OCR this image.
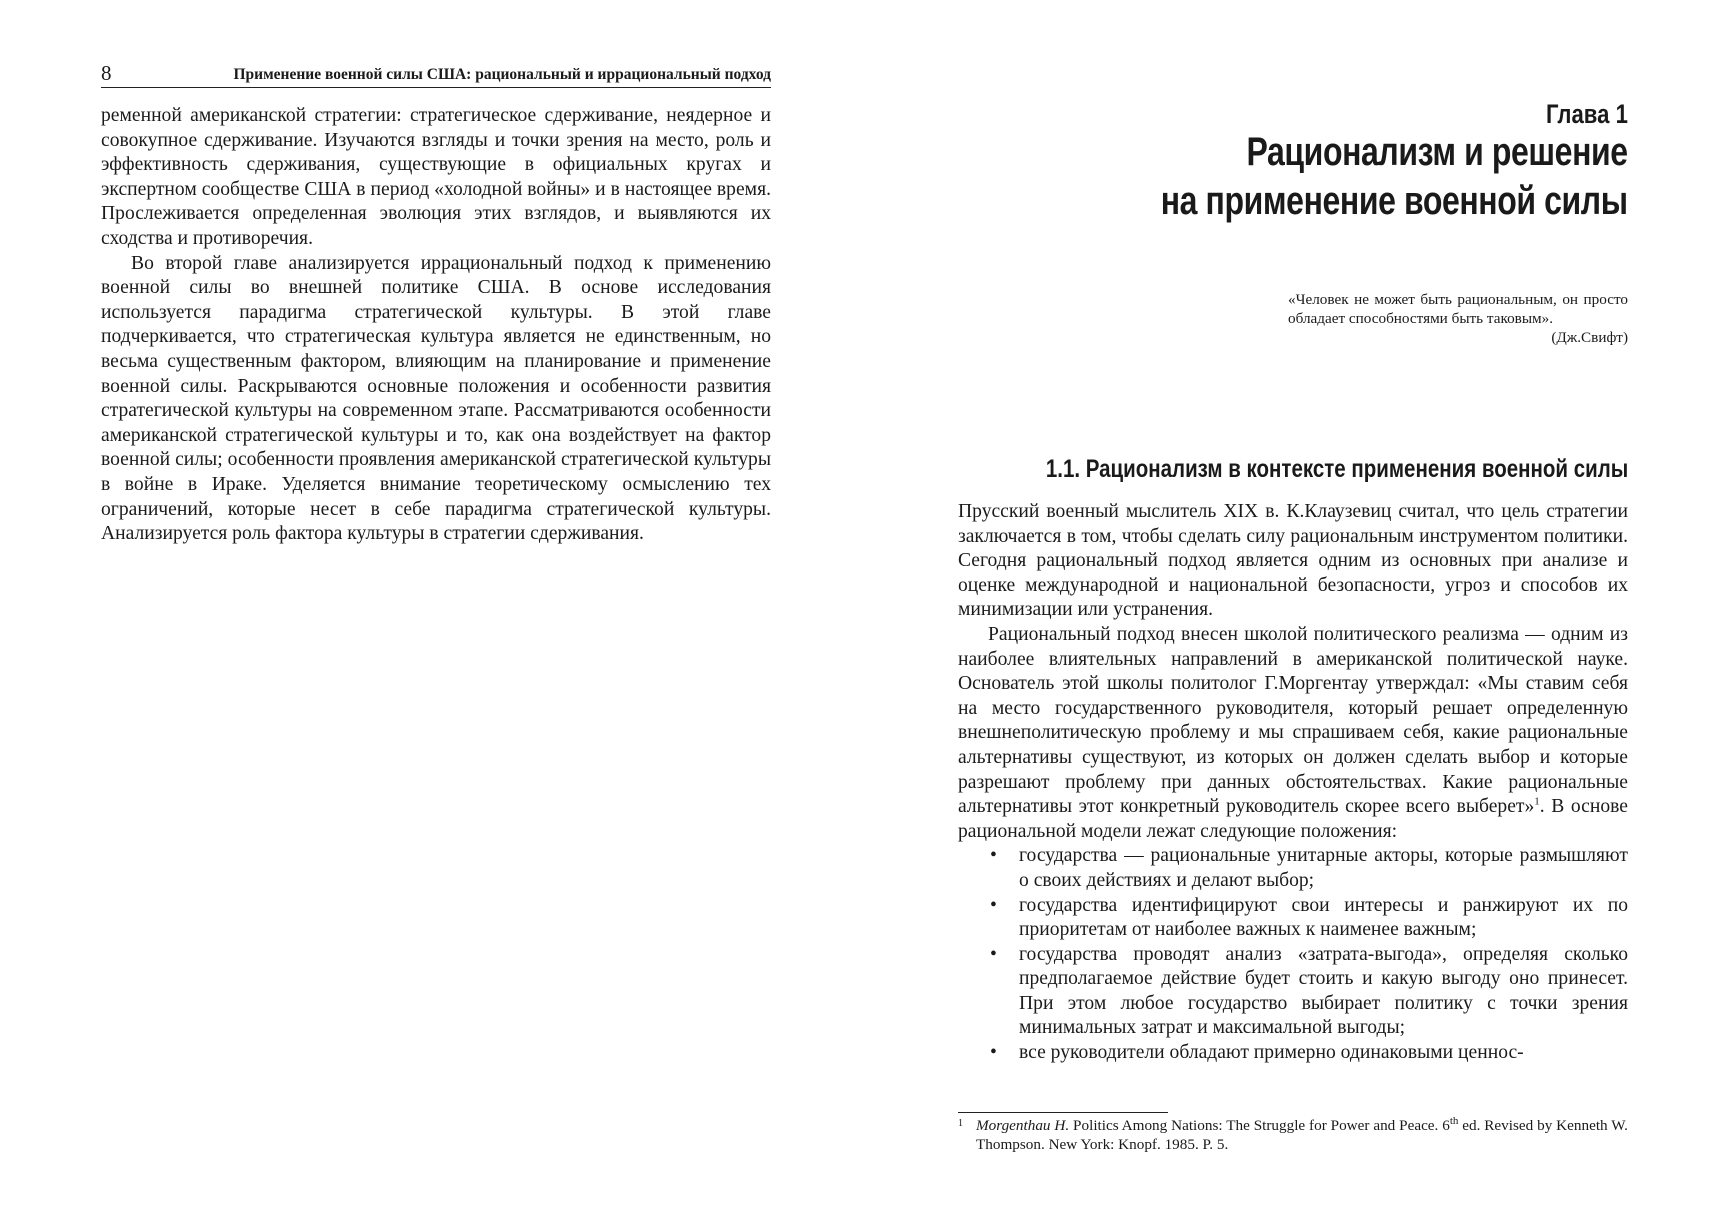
8	Применение военной силы США: рациональный и иррациональный подход

ременной американской стратегии: стратегическое сдерживание, неядерное и совокупное сдерживание. Изучаются взгляды и точки зрения на место, роль и эффективность сдерживания, существующие в официальных кругах и экспертном сообществе США в период «холодной войны» и в настоящее время. Прослеживается определенная эволюция этих взглядов, и выявляются их сходства и противоречия.

Во второй главе анализируется иррациональный подход к применению военной силы во внешней политике США. В основе исследования используется парадигма стратегической культуры. В этой главе подчеркивается, что стратегическая культура является не единственным, но весьма существенным фактором, влияющим на планирование и применение военной силы. Раскрываются основные положения и особенности развития стратегической культуры на современном этапе. Рассматриваются особенности американской стратегической культуры и то, как она воздействует на фактор военной силы; особенности проявления американской стратегической культуры в войне в Ираке. Уделяется внимание теоретическому осмыслению тех ограничений, которые несет в себе парадигма стратегической культуры. Анализируется роль фактора культуры в стратегии сдерживания.

Глава 1
Рационализм и решение
на применение военной силы
«Человек не может быть рациональным, он просто обладает способностями быть таковым».
(Дж.Свифт)
1.1. Рационализм в контексте применения военной силы

Прусский военный мыслитель XIX в. К.Клаузевиц считал, что цель стратегии заключается в том, чтобы сделать силу рациональным инструментом политики. Сегодня рациональный подход является одним из основных при анализе и оценке международной и национальной безопасности, угроз и способов их минимизации или устранения.

Рациональный подход внесен школой политического реализма — одним из наиболее влиятельных направлений в американской политической науке. Основатель этой школы политолог Г.Моргентау утверждал: «Мы ставим себя на место государственного руководителя, который решает определенную внешнеполитическую проблему и мы спрашиваем себя, какие рациональные альтернативы существуют, из которых он должен сделать выбор и которые разрешают проблему при данных обстоятельствах. Какие рациональные альтернативы этот конкретный руководитель скорее всего выберет»$^1$. В основе рациональной модели лежат следующие положения:

• государства — рациональные унитарные акторы, которые размышляют о своих действиях и делают выбор;
• государства идентифицируют свои интересы и ранжируют их по приоритетам от наиболее важных к наименее важным;
• государства проводят анализ «затрата-выгода», определяя сколько предполагаемое действие будет стоить и какую выгоду оно принесет. При этом любое государство выбирает политику с точки зрения минимальных затрат и максимальной выгоды;
• все руководители обладают примерно одинаковыми ценнос-
1 Morgenthau H. Politics Among Nations: The Struggle for Power and Peace. 6th ed. Revised by Kenneth W. Thompson. New York: Knopf. 1985. P. 5.
